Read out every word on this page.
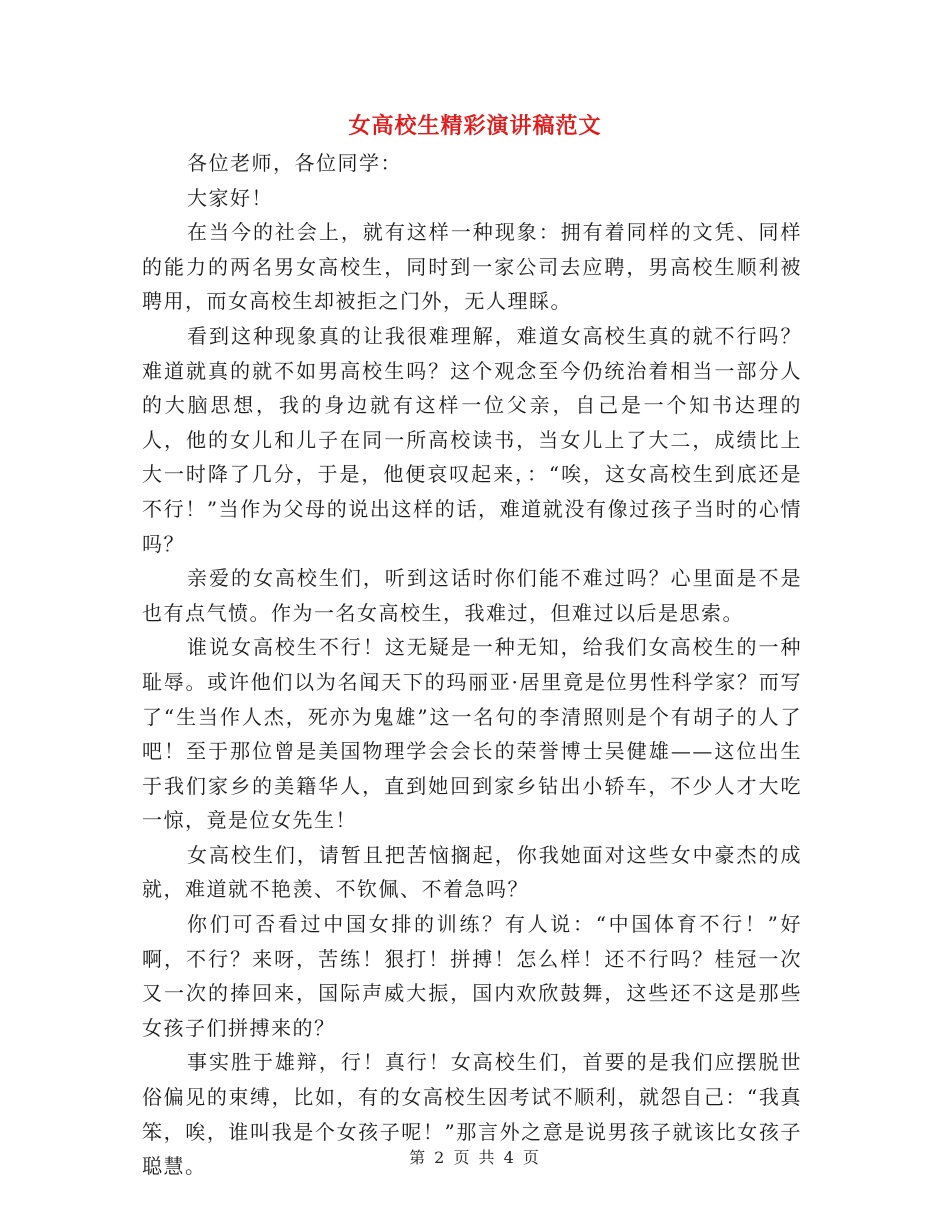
女高校生精彩演讲稿范文

各位老师，各位同学：

大家好！

在当今的社会上，就有这样一种现象：拥有着同样的文凭、同样的能力的两名男女高校生，同时到一家公司去应聘，男高校生顺利被聘用，而女高校生却被拒之门外，无人理睬。

看到这种现象真的让我很难理解，难道女高校生真的就不行吗？难道就真的就不如男高校生吗？这个观念至今仍统治着相当一部分人的大脑思想，我的身边就有这样一位父亲，自己是一个知书达理的人，他的女儿和儿子在同一所高校读书，当女儿上了大二，成绩比上大一时降了几分，于是，他便哀叹起来，：“唉，这女高校生到底还是不行！”当作为父母的说出这样的话，难道就没有像过孩子当时的心情吗？

亲爱的女高校生们，听到这话时你们能不难过吗？心里面是不是也有点气愤。作为一名女高校生，我难过，但难过以后是思索。

谁说女高校生不行！这无疑是一种无知，给我们女高校生的一种耻辱。或许他们以为名闻天下的玛丽亚·居里竟是位男性科学家？而写了“生当作人杰，死亦为鬼雄”这一名句的李清照则是个有胡子的人了吧！至于那位曾是美国物理学会会长的荣誉博士吴健雄——这位出生于我们家乡的美籍华人，直到她回到家乡钻出小轿车，不少人才大吃一惊，竟是位女先生！

女高校生们，请暂且把苦恼搁起，你我她面对这些女中豪杰的成就，难道就不艳羡、不钦佩、不着急吗？

你们可否看过中国女排的训练？有人说：“中国体育不行！”好啊，不行？来呀，苦练！狠打！拼搏！怎么样！还不行吗？桂冠一次又一次的捧回来，国际声威大振，国内欢欣鼓舞，这些还不这是那些女孩子们拼搏来的？

事实胜于雄辩，行！真行！女高校生们，首要的是我们应摆脱世俗偏见的束缚，比如，有的女高校生因考试不顺利，就怨自己：“我真笨，唉，谁叫我是个女孩子呢！”那言外之意是说男孩子就该比女孩子聪慧。	第 2 页 共 4 页
